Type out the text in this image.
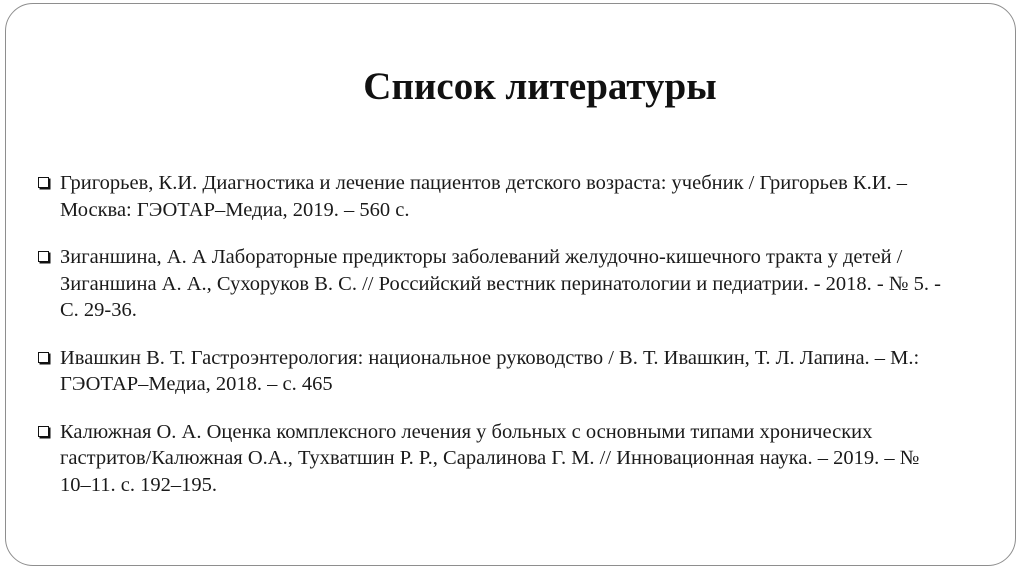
Список литературы
Григорьев, К.И. Диагностика и лечение пациентов детского возраста: учебник / Григорьев К.И. –
Москва: ГЭОТАР–Медиа, 2019. – 560 с.
Зиганшина, А. А Лабораторные предикторы заболеваний желудочно-кишечного тракта у детей /
Зиганшина А. А., Сухоруков В. С. // Российский вестник перинатологии и педиатрии. - 2018. - № 5. -
С. 29-36.
Ивашкин В. Т. Гастроэнтерология: национальное руководство / В. Т. Ивашкин, Т. Л. Лапина. – М.:
ГЭОТАР–Медиа, 2018. – с. 465
Калюжная О. А. Оценка комплексного лечения у больных с основными типами хронических
гастритов/Калюжная О.А., Тухватшин Р. Р., Саралинова Г. М. // Инновационная наука. – 2019. – №
10–11. с. 192–195.
